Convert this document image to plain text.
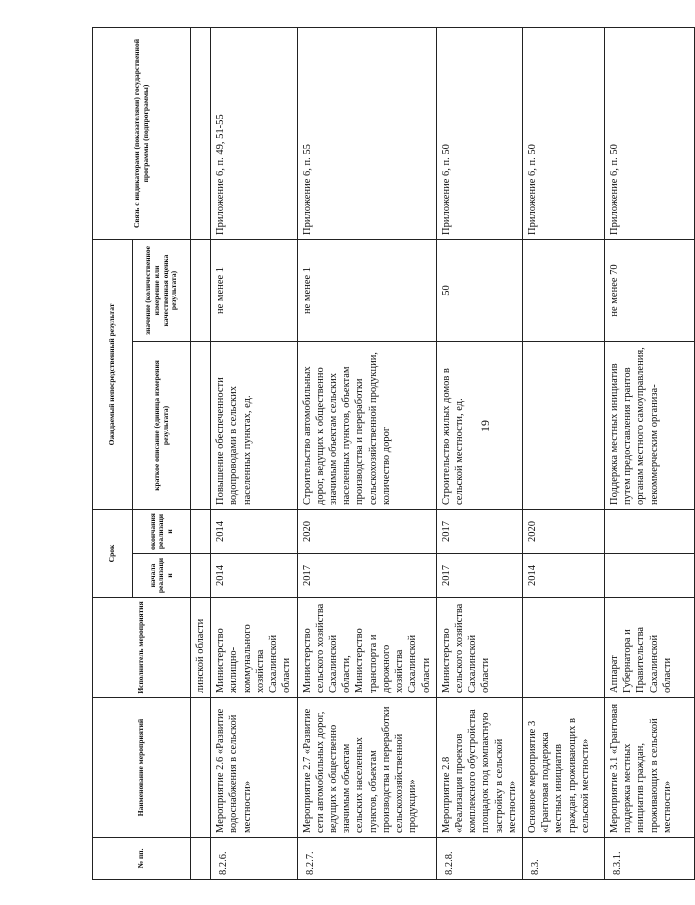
19
№ пп.	Наименование мероприятий	Исполнитель мероприятия	Срок		Ожидаемый непосредственный результат		Связь с индикаторами (показателями) государственной программы (подпрограммы)
			начала реализации	окончания реализации	краткое описание (единица измерения результата)	значение (количественное измерение или качественная оценка результата)	
		линской области					
8.2.6.	Мероприятие 2.6 «Развитие водоснабжения в сельской местности»	Министерство жилищно-коммунального хозяйства Сахалинской области	2014	2014	Повышение обеспеченности водопроводами в сельских населенных пунктах, ед.	не менее 1	Приложение 6, п. 49, 51-55
8.2.7.	Мероприятие 2.7 «Развитие сети автомобильных дорог, ведущих к общественно значимым объектам сельских населенных пунктов, объектам производства и переработки сельскохозяйственной продукции»	Министерство сельского хозяйства Сахалинской области, Министерство транспорта и дорожного хозяйства Сахалинской области	2017	2020	Строительство автомобильных дорог, ведущих к общественно значимым объектам сельских населенных пунктов, объектам производства и переработки сельскохозяйственной продукции, количество дорог	не менее 1	Приложение 6, п. 55
8.2.8.	Мероприятие 2.8 «Реализация проектов комплексного обустройства площадок под компактную застройку в сельской местности»	Министерство сельского хозяйства Сахалинской области	2017	2017	Строительство жилых домов в сельской местности, ед.	50	Приложение 6, п. 50
8.3.	Основное мероприятие 3 «Грантовая поддержка местных инициатив граждан, проживающих в сельской местности»		2014	2020			Приложение 6, п. 50
8.3.1.	Мероприятие 3.1 «Грантовая поддержка местных инициатив граждан, проживающих в сельской местности»	Аппарат Губернатора и Правительства Сахалинской области			Поддержка местных инициатив путем предоставления грантов органам местного самоуправления, некоммерческим организа-	не менее 70	Приложение 6, п. 50
